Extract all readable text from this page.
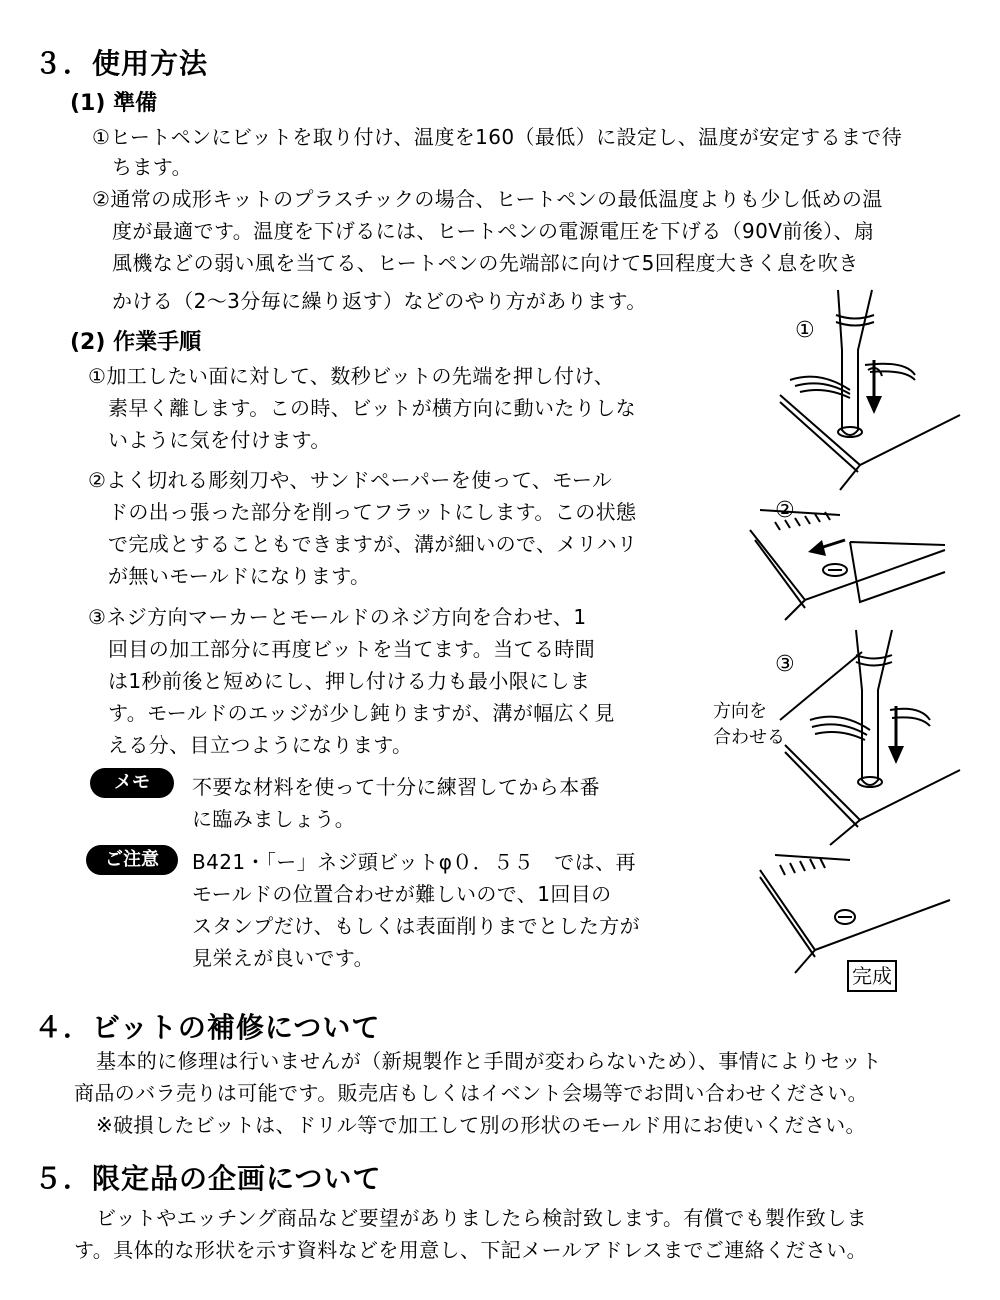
３．使用方法
(1) 準備
①ヒートペンにビットを取り付け、温度を160（最低）に設定し、温度が安定するまで待
ちます。
②通常の成形キットのプラスチックの場合、ヒートペンの最低温度よりも少し低めの温
度が最適です。温度を下げるには、ヒートペンの電源電圧を下げる（90V前後）、扇
風機などの弱い風を当てる、ヒートペンの先端部に向けて5回程度大きく息を吹き
かける（2〜3分毎に繰り返す）などのやり方があります。
(2) 作業手順
①加工したい面に対して、数秒ビットの先端を押し付け、
素早く離します。この時、ビットが横方向に動いたりしな
いように気を付けます。
②よく切れる彫刻刀や、サンドペーパーを使って、モール
ドの出っ張った部分を削ってフラットにします。この状態
で完成とすることもできますが、溝が細いので、メリハリ
が無いモールドになります。
③ネジ方向マーカーとモールドのネジ方向を合わせ、1
回目の加工部分に再度ビットを当てます。当てる時間
は1秒前後と短めにし、押し付ける力も最小限にしま
す。モールドのエッジが少し鈍りますが、溝が幅広く見
える分、目立つようになります。
メモ	不要な材料を使って十分に練習してから本番
に臨みましょう。
ご注意	B421・「ー」ネジ頭ビットφ０．５５　では、再
モールドの位置合わせが難しいので、1回目の
スタンプだけ、もしくは表面削りまでとした方が
見栄えが良いです。
①
②
③
方向を
合わせる
完成
４．ビットの補修について
基本的に修理は行いませんが（新規製作と手間が変わらないため）、事情によりセット
商品のバラ売りは可能です。販売店もしくはイベント会場等でお問い合わせください。
※破損したビットは、ドリル等で加工して別の形状のモールド用にお使いください。
５．限定品の企画について
ビットやエッチング商品など要望がありましたら検討致します。有償でも製作致しま
す。具体的な形状を示す資料などを用意し、下記メールアドレスまでご連絡ください。
